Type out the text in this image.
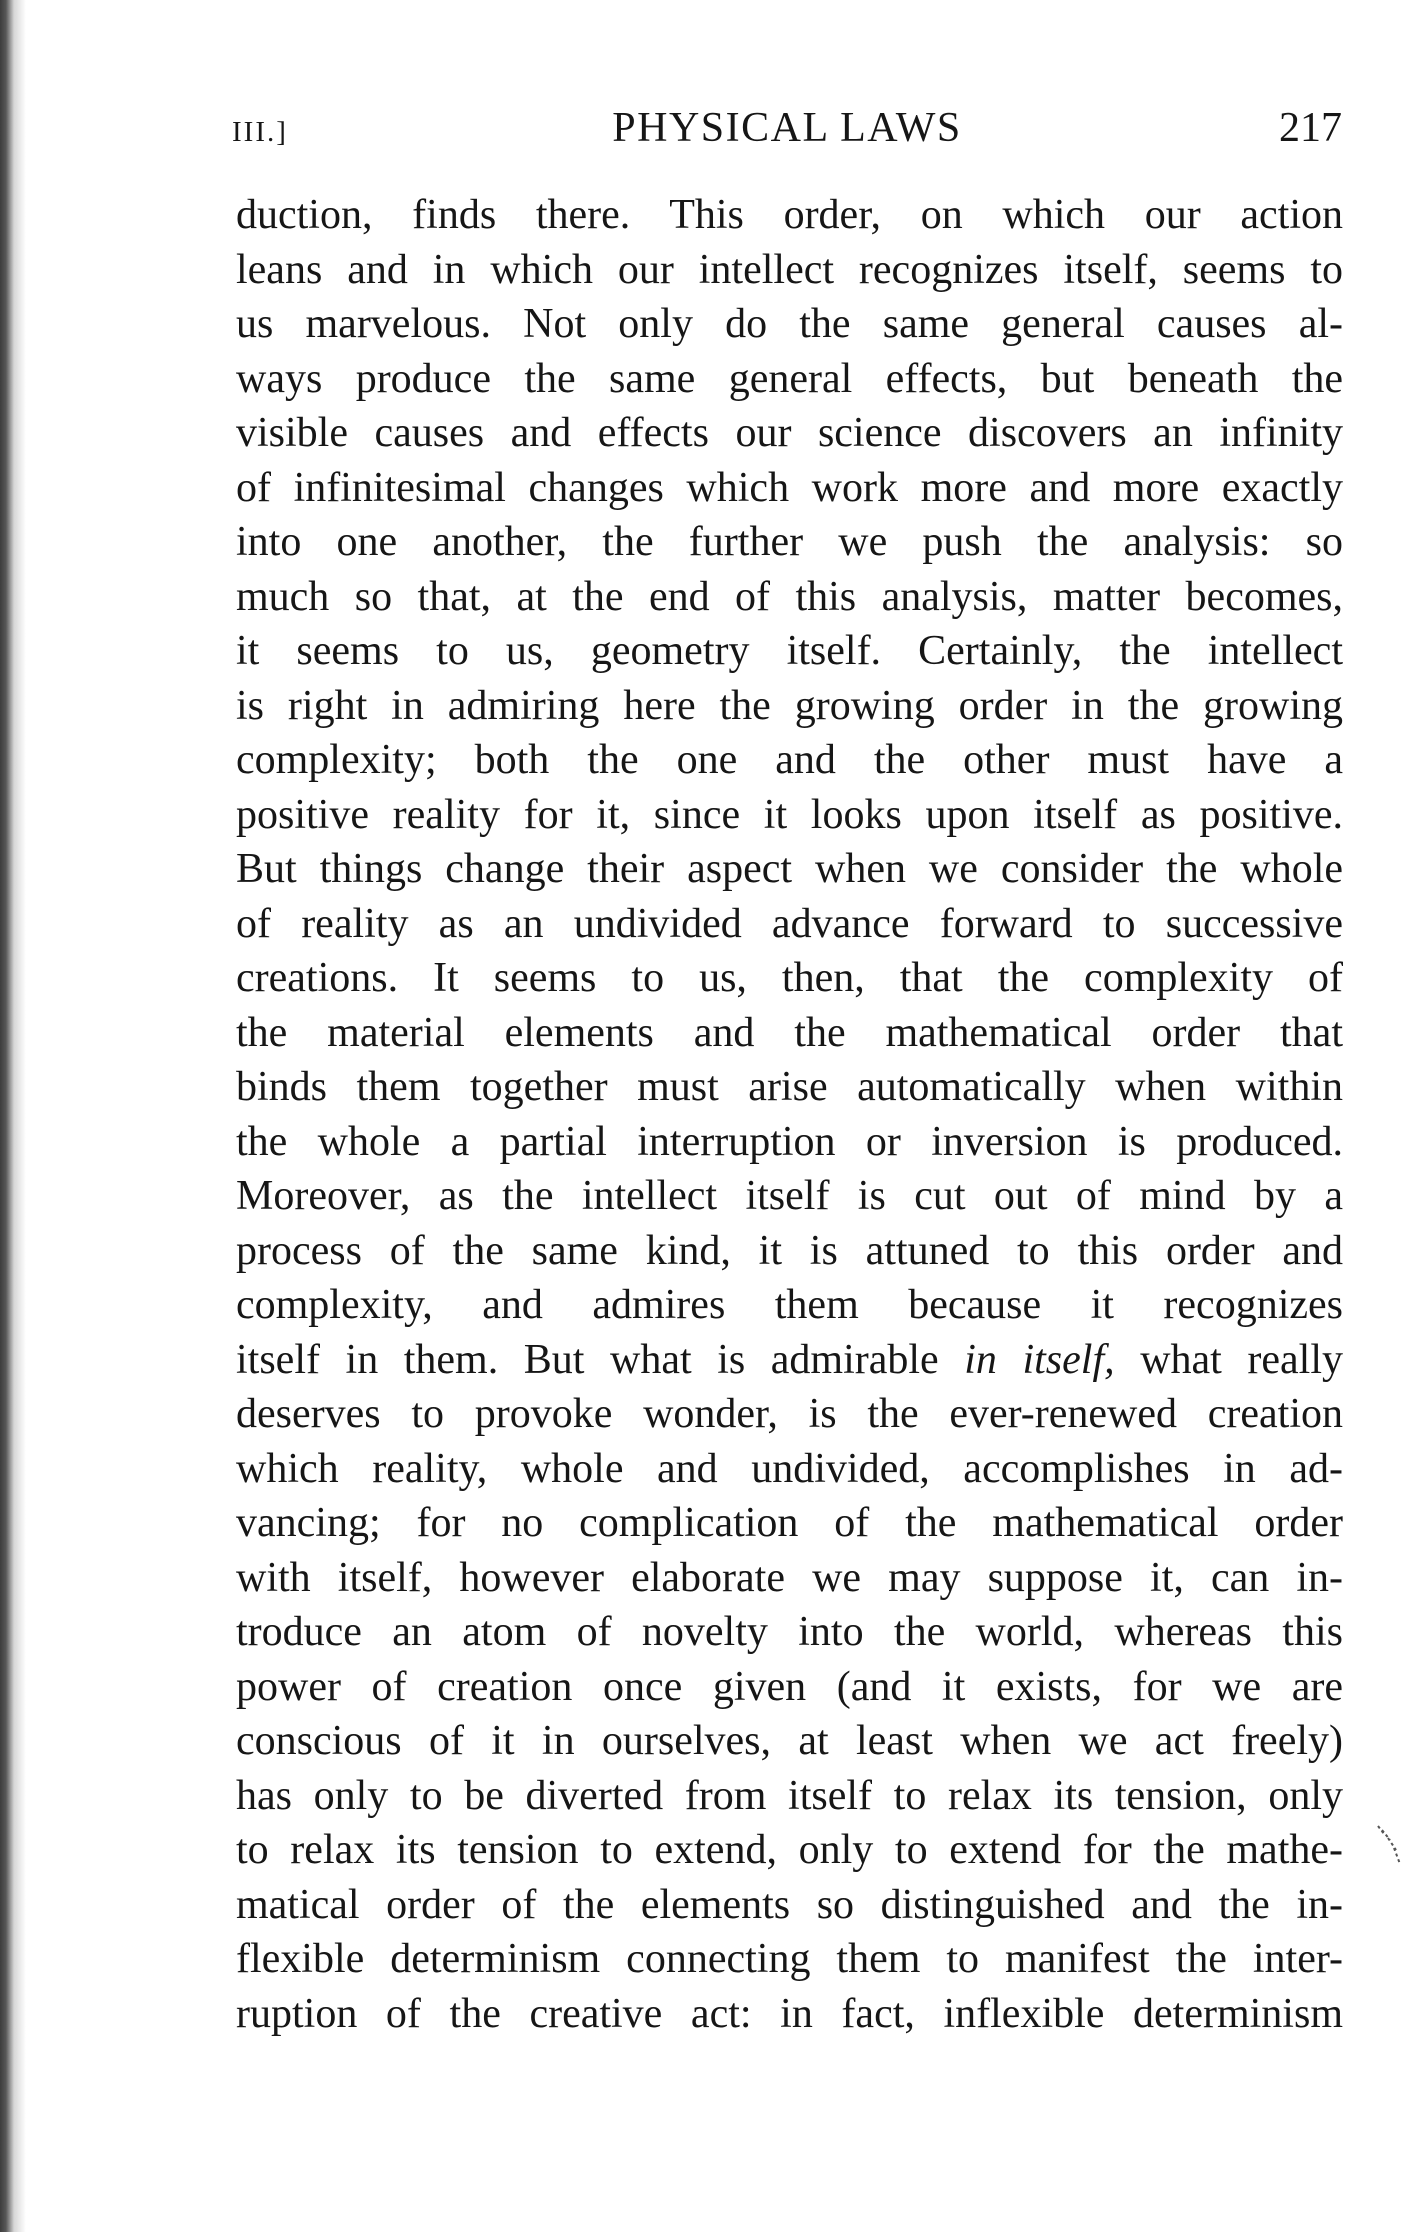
III.]	PHYSICAL LAWS	217
duction, finds there. This order, on which our action
leans and in which our intellect recognizes itself, seems to
us marvelous. Not only do the same general causes al-
ways produce the same general effects, but beneath the
visible causes and effects our science discovers an infinity
of infinitesimal changes which work more and more exactly
into one another, the further we push the analysis: so
much so that, at the end of this analysis, matter becomes,
it seems to us, geometry itself. Certainly, the intellect
is right in admiring here the growing order in the growing
complexity; both the one and the other must have a
positive reality for it, since it looks upon itself as positive.
But things change their aspect when we consider the whole
of reality as an undivided advance forward to successive
creations. It seems to us, then, that the complexity of
the material elements and the mathematical order that
binds them together must arise automatically when within
the whole a partial interruption or inversion is produced.
Moreover, as the intellect itself is cut out of mind by a
process of the same kind, it is attuned to this order and
complexity, and admires them because it recognizes
itself in them. But what is admirable in itself, what really
deserves to provoke wonder, is the ever-renewed creation
which reality, whole and undivided, accomplishes in ad-
vancing; for no complication of the mathematical order
with itself, however elaborate we may suppose it, can in-
troduce an atom of novelty into the world, whereas this
power of creation once given (and it exists, for we are
conscious of it in ourselves, at least when we act freely)
has only to be diverted from itself to relax its tension, only
to relax its tension to extend, only to extend for the mathe-
matical order of the elements so distinguished and the in-
flexible determinism connecting them to manifest the inter-
ruption of the creative act: in fact, inflexible determinism
